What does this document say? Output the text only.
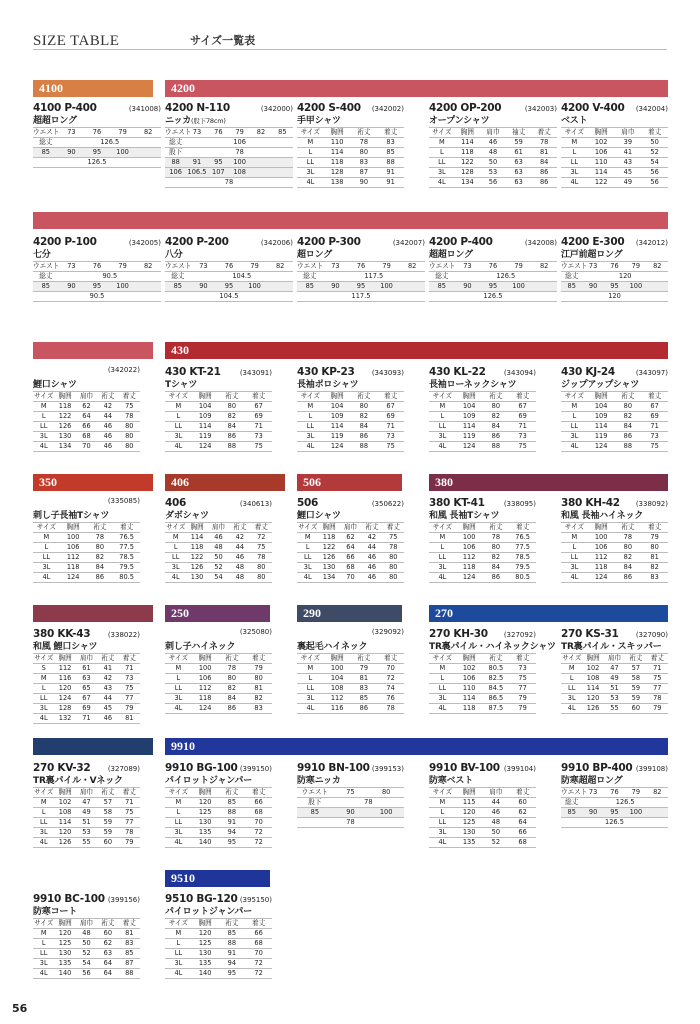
SIZE TABLE	サイズ一覧表
4100	4200
430
350	406	506	380
250	290	270
9910
9510
4100 P-400	(341008)
超超ロング
ウエスト	73	76	79	82
総丈	126.5			
85	90	95	100	
126.5				
4200 N-110	(342000)
ニッカ(股下78cm)
ウエスト	73	76	79	82	85
総丈	106				
股下	78				
88	91	95	100		
106	106.5	107	108		
78					
4200 S-400 (342002)
手甲シャツ
サイズ	胸囲	裄丈	着丈
M	110	78	83
L	114	80	85
LL	118	83	88
3L	128	87	91
4L	138	90	91
4200 OP-200	(342003)
オープンシャツ
サイズ	胸囲	肩巾	袖丈	着丈
M	114	46	59	78
L	118	48	61	81
LL	122	50	63	84
3L	128	53	63	86
4L	134	56	63	86
4200 V-400 (342004)
ベスト
サイズ	胸囲	肩巾	着丈
M	102	39	50
L	106	41	52
LL	110	43	54
3L	114	45	56
4L	122	49	56
4200 P-100	(342005)
七分
ウエスト	73	76	79	82
総丈	90.5			
85	90	95	100	
90.5				
4200 P-200	(342006)
八分
ウエスト	73	76	79	82
総丈	104.5			
85	90	95	100	
104.5				
4200 P-300	(342007)
超ロング
ウエスト	73	76	79	82
総丈	117.5			
85	90	95	100	
117.5				
4200 P-400	(342008)
超超ロング
ウエスト	73	76	79	82
総丈	126.5			
85	90	95	100	
126.5				
4200 E-300 (342012)
江戸前超ロング
ウエスト	73	76	79	82
総丈	120			
85	90	95	100	
120				
(342022)
鯉口シャツ
サイズ	胸囲	肩巾	裄丈	着丈
M	118	62	42	75
L	122	64	44	78
LL	126	66	46	80
3L	130	68	46	80
4L	134	70	46	80
430 KT-21	(343091)
Tシャツ
サイズ	胸囲	裄丈	着丈
M	104	80	67
L	109	82	69
LL	114	84	71
3L	119	86	73
4L	124	88	75
430 KP-23 (343093)
長袖ポロシャツ
サイズ	胸囲	裄丈	着丈
M	104	80	67
L	109	82	69
LL	114	84	71
3L	119	86	73
4L	124	88	75
430 KL-22	(343094)
長袖ローネックシャツ
サイズ	胸囲	裄丈	着丈
M	104	80	67
L	109	82	69
LL	114	84	71
3L	119	86	73
4L	124	88	75
430 KJ-24	(343097)
ジップアップシャツ
サイズ	胸囲	裄丈	着丈
M	104	80	67
L	109	82	69
LL	114	84	71
3L	119	86	73
4L	124	88	75
(335085)
刺し子長袖Tシャツ
サイズ	胸囲	裄丈	着丈
M	100	78	76.5
L	106	80	77.5
LL	112	82	78.5
3L	118	84	79.5
4L	124	86	80.5
406	(340613)
ダボシャツ
サイズ	胸囲	肩巾	裄丈	着丈
M	114	46	42	72
L	118	48	44	75
LL	122	50	46	78
3L	126	52	48	80
4L	130	54	48	80
506	(350622)
鯉口シャツ
サイズ	胸囲	肩巾	裄丈	着丈
M	118	62	42	75
L	122	64	44	78
LL	126	66	46	80
3L	130	68	46	80
4L	134	70	46	80
380 KT-41	(338095)
和風 長袖Tシャツ
サイズ	胸囲	裄丈	着丈
M	100	78	76.5
L	106	80	77.5
LL	112	82	78.5
3L	118	84	79.5
4L	124	86	80.5
380 KH-42 (338092)
和風 長袖ハイネック
サイズ	胸囲	裄丈	着丈
M	100	78	79
L	106	80	80
LL	112	82	81
3L	118	84	82
4L	124	86	83
380 KK-43	(338022)
和風 鯉口シャツ
サイズ	胸囲	肩巾	裄丈	着丈
S	112	61	41	71
M	116	63	42	73
L	120	65	43	75
LL	124	67	44	77
3L	128	69	45	79
4L	132	71	46	81
(325080)
刺し子ハイネック
サイズ	胸囲	裄丈	着丈
M	100	78	79
L	106	80	80
LL	112	82	81
3L	118	84	82
4L	124	86	83
(329092)
裏起毛ハイネック
サイズ	胸囲	裄丈	着丈
M	100	79	70
L	104	81	72
LL	108	83	74
3L	112	85	76
4L	116	86	78
270 KH-30 (327092)
TR裏パイル・ハイネックシャツ
サイズ	胸囲	裄丈	着丈
M	102	80.5	73
L	106	82.5	75
LL	110	84.5	77
3L	114	86.5	79
4L	118	87.5	79
270 KS-31 (327090)
TR裏パイル・スキッパー
サイズ	胸囲	肩巾	裄丈	着丈
M	102	47	57	71
L	108	49	58	75
LL	114	51	59	77
3L	120	53	59	78
4L	126	55	60	79
270 KV-32 (327089)
TR裏パイル・Vネック
サイズ	胸囲	肩巾	裄丈	着丈
M	102	47	57	71
L	108	49	58	75
LL	114	51	59	77
3L	120	53	59	78
4L	126	55	60	79
9910 BG-100 (399150)
パイロットジャンパー
サイズ	胸囲	裄丈	着丈
M	120	85	66
L	125	88	68
LL	130	91	70
3L	135	94	72
4L	140	95	72
9910 BN-100 (399153)
防寒ニッカ
ウエスト	75	80
股下	78	
85	90	100
78		
9910 BV-100 (399104)
防寒ベスト
サイズ	胸囲	肩巾	着丈
M	115	44	60
L	120	46	62
LL	125	48	64
3L	130	50	66
4L	135	52	68
9910 BP-400 (399108)
防寒超超ロング
ウエスト	73	76	79	82
総丈	126.5			
85	90	95	100	
126.5				
9910 BC-100 (399156)
防寒コート
サイズ	胸囲	肩巾	裄丈	着丈
M	120	48	60	81
L	125	50	62	83
LL	130	52	63	85
3L	135	54	64	87
4L	140	56	64	88
9510 BG-120 (395150)
パイロットジャンパー
サイズ	胸囲	裄丈	着丈
M	120	85	66
L	125	88	68
LL	130	91	70
3L	135	94	72
4L	140	95	72
56
